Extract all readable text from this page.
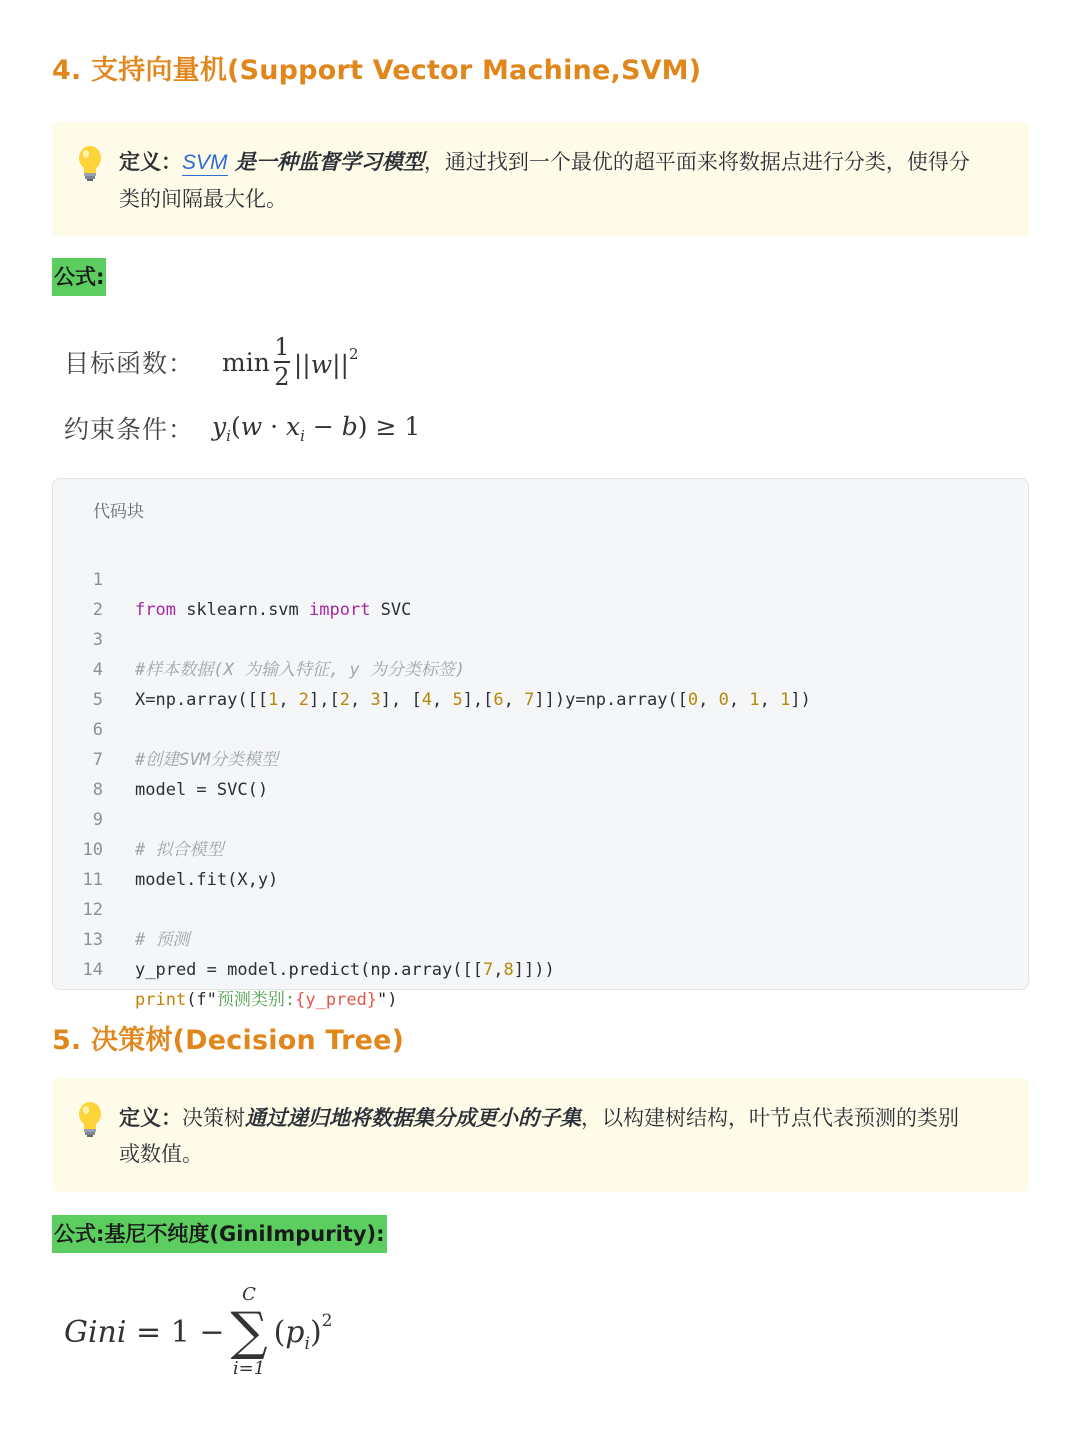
4. 支持向量机(Support Vector Machine,SVM)
定义：SVM 是一种监督学习模型，通过找到一个最优的超平面来将数据点进行分类，使得分
类的间隔最大化。
公式:
目标函数： $\min \frac{1}{2} ||w||^2$
约束条件： $y_i(w \cdot x_i - b) \ge 1$
代码块

1

from sklearn.svm import SVC

2

3

#样本数据(X 为输入特征, y 为分类标签)

4

X=np.array([[1, 2],[2, 3], [4, 5],[6, 7]])y=np.array([0, 0, 1, 1])

5

6

#创建SVM分类模型

7

model = SVC()

8

9

# 拟合模型

10

model.fit(X,y)

11

12

# 预测

13

y_pred = model.predict(np.array([[7,8]]))

14

print(f"预测类别:{y_pred}")

5. 决策树(Decision Tree)
定义：决策树通过递归地将数据集分成更小的子集，以构建树结构，叶节点代表预测的类别
或数值。
公式:基尼不纯度(GiniImpurity):
Gini = 1 −
C
∑
i=1
$(p_i)^2$
